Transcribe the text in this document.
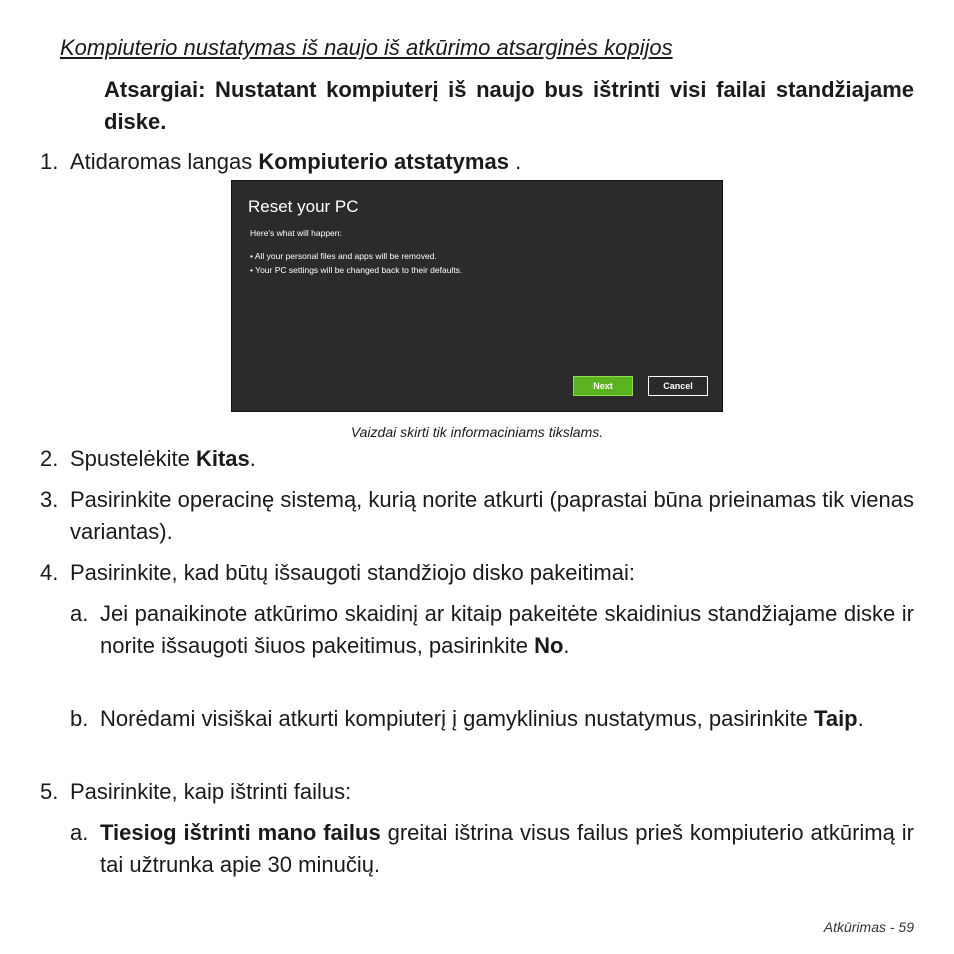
Kompiuterio nustatymas iš naujo iš atkūrimo atsarginės kopijos
Atsargiai: Nustatant kompiuterį iš naujo bus ištrinti visi failai standžiajame diske.
1. Atidaromas langas Kompiuterio atstatymas .
Reset your PC
Here's what will happen:
• All your personal files and apps will be removed.
• Your PC settings will be changed back to their defaults.
Next	Cancel
Vaizdai skirti tik informaciniams tikslams.
2. Spustelėkite Kitas.
3. Pasirinkite operacinę sistemą, kurią norite atkurti (paprastai būna prieinamas tik vienas variantas).
4. Pasirinkite, kad būtų išsaugoti standžiojo disko pakeitimai:
a. Jei panaikinote atkūrimo skaidinį ar kitaip pakeitėte skaidinius standžiajame diske ir norite išsaugoti šiuos pakeitimus, pasirinkite No.
b. Norėdami visiškai atkurti kompiuterį į gamyklinius nustatymus, pasirinkite Taip.
5. Pasirinkite, kaip ištrinti failus:
a. Tiesiog ištrinti mano failus greitai ištrina visus failus prieš kompiuterio atkūrimą ir tai užtrunka apie 30 minučių.
Atkūrimas - 59
